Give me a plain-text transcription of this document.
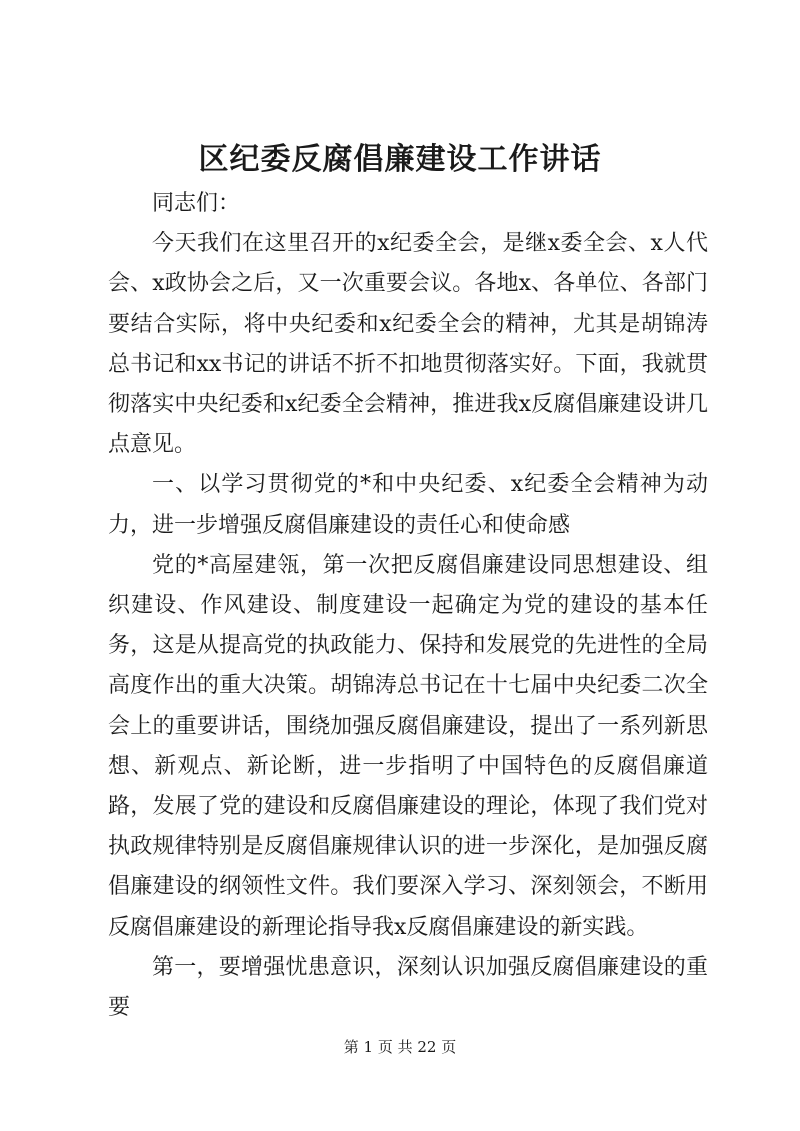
区纪委反腐倡廉建设工作讲话

同志们：

今天我们在这里召开的x纪委全会，是继x委全会、x人代会、x政协会之后，又一次重要会议。各地x、各单位、各部门要结合实际，将中央纪委和x纪委全会的精神，尤其是胡锦涛总书记和xx书记的讲话不折不扣地贯彻落实好。下面，我就贯彻落实中央纪委和x纪委全会精神，推进我x反腐倡廉建设讲几点意见。

一、以学习贯彻党的*和中央纪委、x纪委全会精神为动力，进一步增强反腐倡廉建设的责任心和使命感

党的*高屋建瓴，第一次把反腐倡廉建设同思想建设、组织建设、作风建设、制度建设一起确定为党的建设的基本任务，这是从提高党的执政能力、保持和发展党的先进性的全局高度作出的重大决策。胡锦涛总书记在十七届中央纪委二次全会上的重要讲话，围绕加强反腐倡廉建设，提出了一系列新思想、新观点、新论断，进一步指明了中国特色的反腐倡廉道路，发展了党的建设和反腐倡廉建设的理论，体现了我们党对执政规律特别是反腐倡廉规律认识的进一步深化，是加强反腐倡廉建设的纲领性文件。我们要深入学习、深刻领会，不断用反腐倡廉建设的新理论指导我x反腐倡廉建设的新实践。

第一，要增强忧患意识，深刻认识加强反腐倡廉建设的重要

第 1 页 共 22 页
